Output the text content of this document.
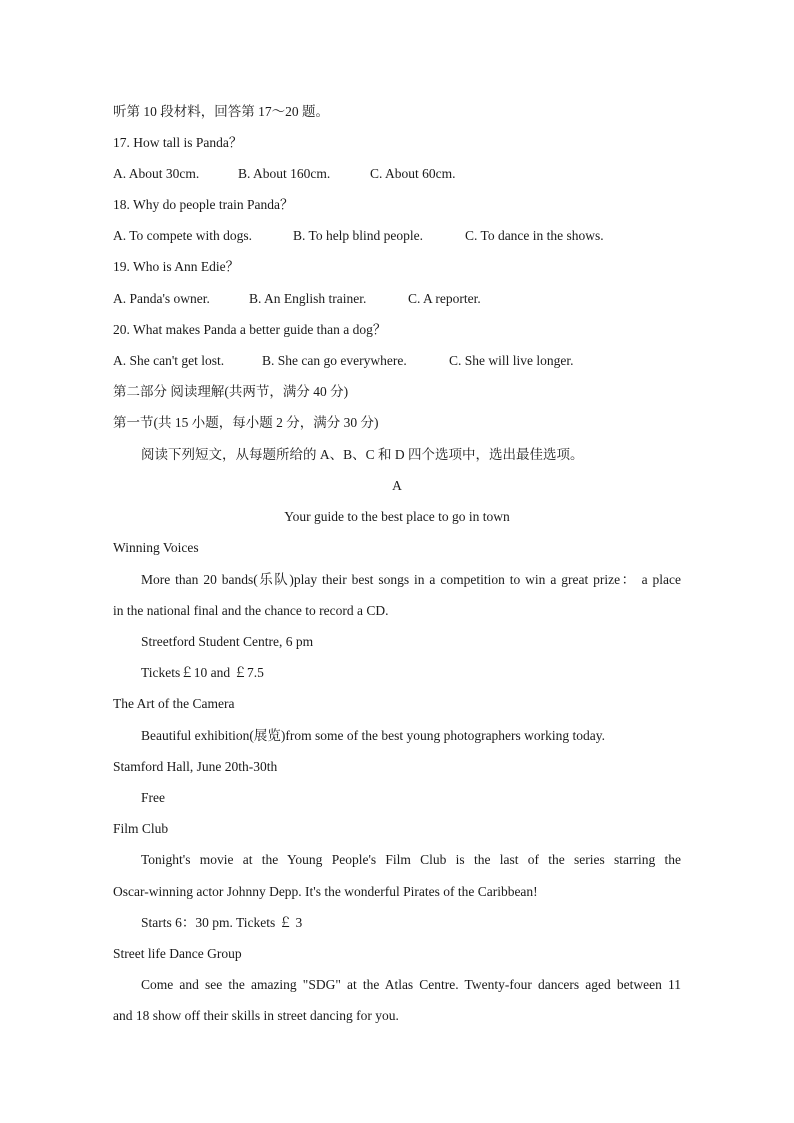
听第 10 段材料，回答第 17～20 题。
17. How tall is Panda？
A. About 30cm.	B. About 160cm.	C. About 60cm.
18. Why do people train Panda？
A. To compete with dogs.	B. To help blind people.	C. To dance in the shows.
19. Who is Ann Edie？
A. Panda's owner.	B. An English trainer.	C. A reporter.
20. What makes Panda a better guide than a dog？
A. She can't get lost.	B. She can go everywhere.	C. She will live longer.
第二部分 阅读理解(共两节，满分 40 分)
第一节(共 15 小题，每小题 2 分，满分 30 分)
阅读下列短文，从每题所给的 A、B、C 和 D 四个选项中，选出最佳选项。
A
Your guide to the best place to go in town
Winning Voices
More than 20 bands(乐队)play their best songs in a competition to win a great prize： a place
in the national final and the chance to record a CD.
Streetford Student Centre, 6 pm
Tickets￡10 and ￡7.5
The Art of the Camera
Beautiful exhibition(展览)from some of the best young photographers working today.
Stamford Hall, June 20th-30th
Free
Film Club
Tonight's movie at the Young People's Film Club is the last of the series starring the
Oscar-winning actor Johnny Depp. It's the wonderful Pirates of the Caribbean!
Starts 6：30 pm. Tickets ￡ 3
Street life Dance Group
Come and see the amazing "SDG" at the Atlas Centre. Twenty-four dancers aged between 11
and 18 show off their skills in street dancing for you.
